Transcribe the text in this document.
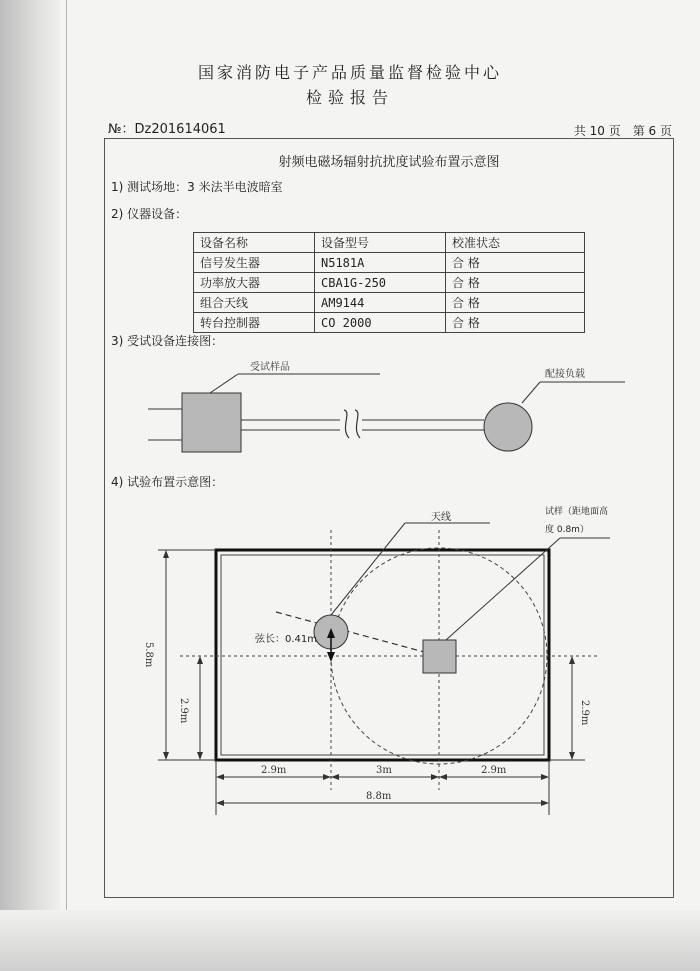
国家消防电子产品质量监督检验中心
检验报告
№：Dz201614061	共 10 页 第 6 页
射频电磁场辐射抗扰度试验布置示意图
1) 测试场地：3 米法半电波暗室
2) 仪器设备：
设备名称	设备型号	校准状态
信号发生器	N5181A	合 格
功率放大器	CBA1G-250	合 格
组合天线	AM9144	合 格
转台控制器	CO 2000	合 格
3) 受试设备连接图：
4) 试验布置示意图：
受试样品
配接负载
天线	试样（距地面高
度 0.8m）
弦长：0.41m
5.8m
2.9m	2.9m
2.9m	3m	2.9m
8.8m
